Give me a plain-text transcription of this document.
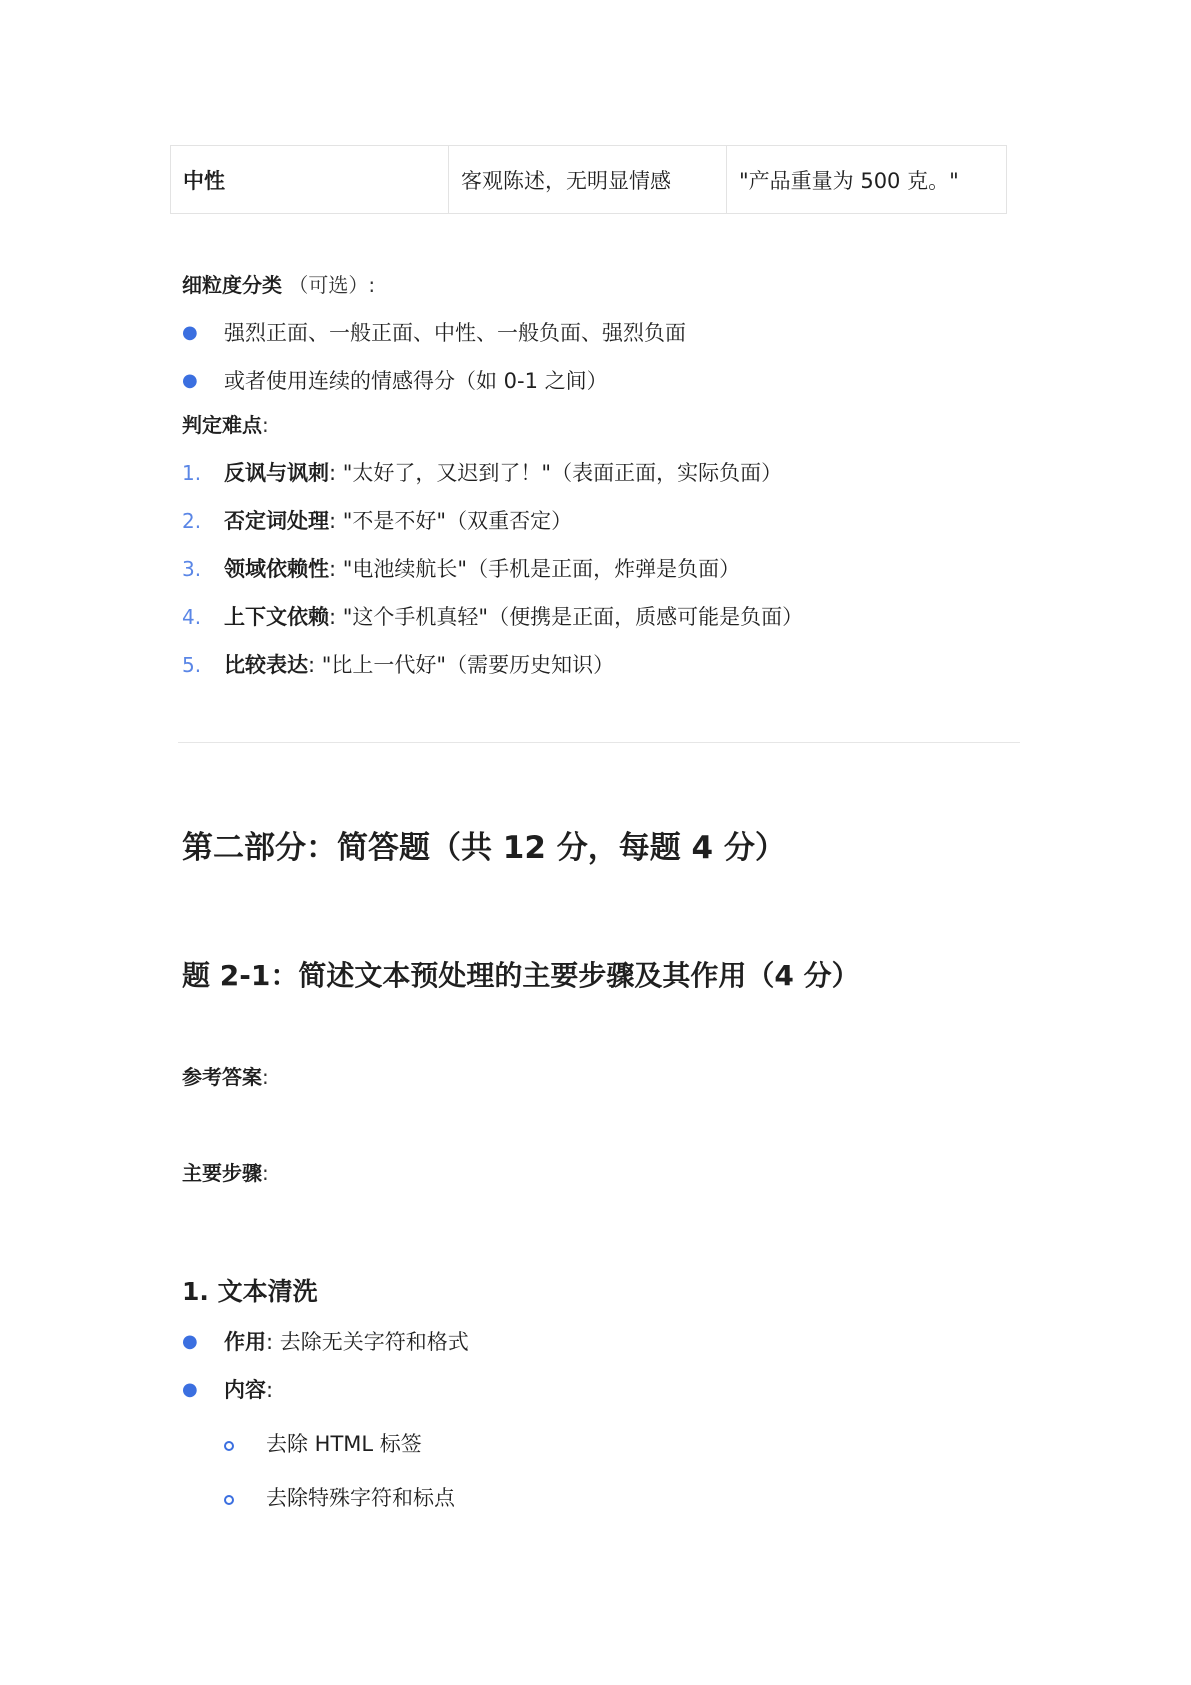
中性	客观陈述，无明显情感	"产品重量为 500 克。"

细粒度分类 （可选）:

● 强烈正面、一般正面、中性、一般负面、强烈负面
● 或者使用连续的情感得分（如 0-1 之间）

判定难点:

1. 反讽与讽刺: "太好了，又迟到了！"（表面正面，实际负面）
2. 否定词处理: "不是不好"（双重否定）
3. 领域依赖性: "电池续航长"（手机是正面，炸弹是负面）
4. 上下文依赖: "这个手机真轻"（便携是正面，质感可能是负面）
5. 比较表达: "比上一代好"（需要历史知识）
第二部分：简答题（共 12 分，每题 4 分）
题 2-1：简述文本预处理的主要步骤及其作用（4 分）

参考答案:

主要步骤:

1. 文本清洗
● 作用: 去除无关字符和格式
● 内容:
去除 HTML 标签
去除特殊字符和标点
